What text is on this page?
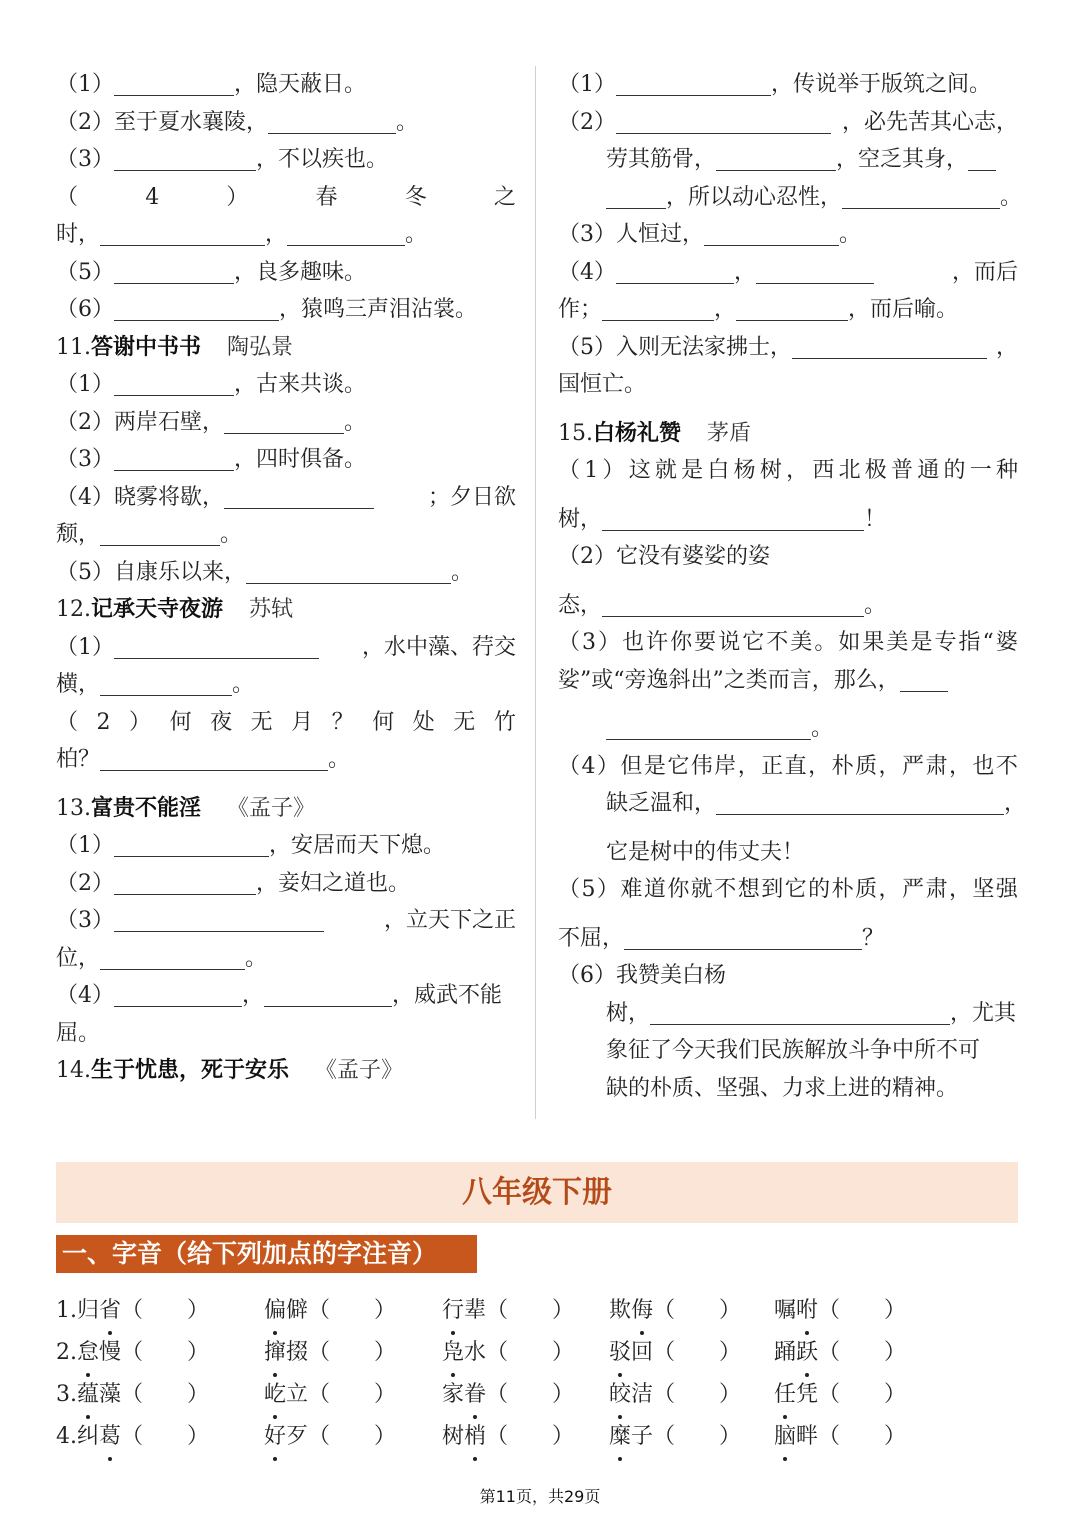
（1）	，隐天蔽日。
（2）至于夏水襄陵，	。
（3）	，不以疾也。
（	4	）	春	冬	之
时，	，	。
（5）	，良多趣味。
（6）	，猿鸣三声泪沾裳。
11.答谢中书书 陶弘景
（1）	，古来共谈。
（2）两岸石壁，	。
（3）	，四时俱备。
（4）晓雾将歇，	；夕日欲
颓，	。
（5）自康乐以来，	。
12.记承天寺夜游 苏轼
（1）	，水中藻、荇交
横，	。
（ 2 ） 何 夜 无 月 ？ 何 处 无 竹
柏？	。
13.富贵不能淫 《孟子》
（1）	，安居而天下熄。
（2）	，妾妇之道也。
（3）	，立天下之正
位，	。
（4）	，	，威武不能
屈。
14.生于忧患，死于安乐 《孟子》
（1）	，传说举于版筑之间。
（2）	，必先苦其心志，
劳其筋骨，	，空乏其身，
，所以动心忍性，	。
（3）人恒过，	。
（4）	，	，而后
作；	，	，而后喻。
（5）入则无法家拂士，	，
国恒亡。
15.白杨礼赞 茅盾
（ 1 ） 这 就 是 白 杨 树 ， 西 北 极 普 通 的 一 种
树，	！
（2）它没有婆娑的姿
态，	。
（ 3 ） 也 许 你 要 说 它 不 美 。 如 果 美 是 专 指 “ 婆
娑”或“旁逸斜出”之类而言，那么，
。
（ 4 ） 但 是 它 伟 岸 ， 正 直 ， 朴 质 ， 严 肃 ， 也 不
缺乏温和，	，
它是树中的伟丈夫！
（ 5 ） 难 道 你 就 不 想 到 它 的 朴 质 ， 严 肃 ， 坚 强
不屈，	？
（6）我赞美白杨
树，	，尤其
象征了今天我们民族解放斗争中所不可
缺的朴质、坚强、力求上进的精神。
八年级下册
一、字音（给下列加点的字注音）
1.归省（　　） 偏僻（　　） 行辈（　　） 欺侮（　　） 嘱咐（　　）
2.怠慢（　　） 撺掇（　　） 凫水（　　） 驳回（　　） 踊跃（　　）
3.蕴藻（　　） 屹立（　　） 家眷（　　） 皎洁（　　） 任凭（　　）
4.纠葛（　　） 好歹（　　） 树梢（　　） 糜子（　　） 脑畔（　　）
第11页，共29页
